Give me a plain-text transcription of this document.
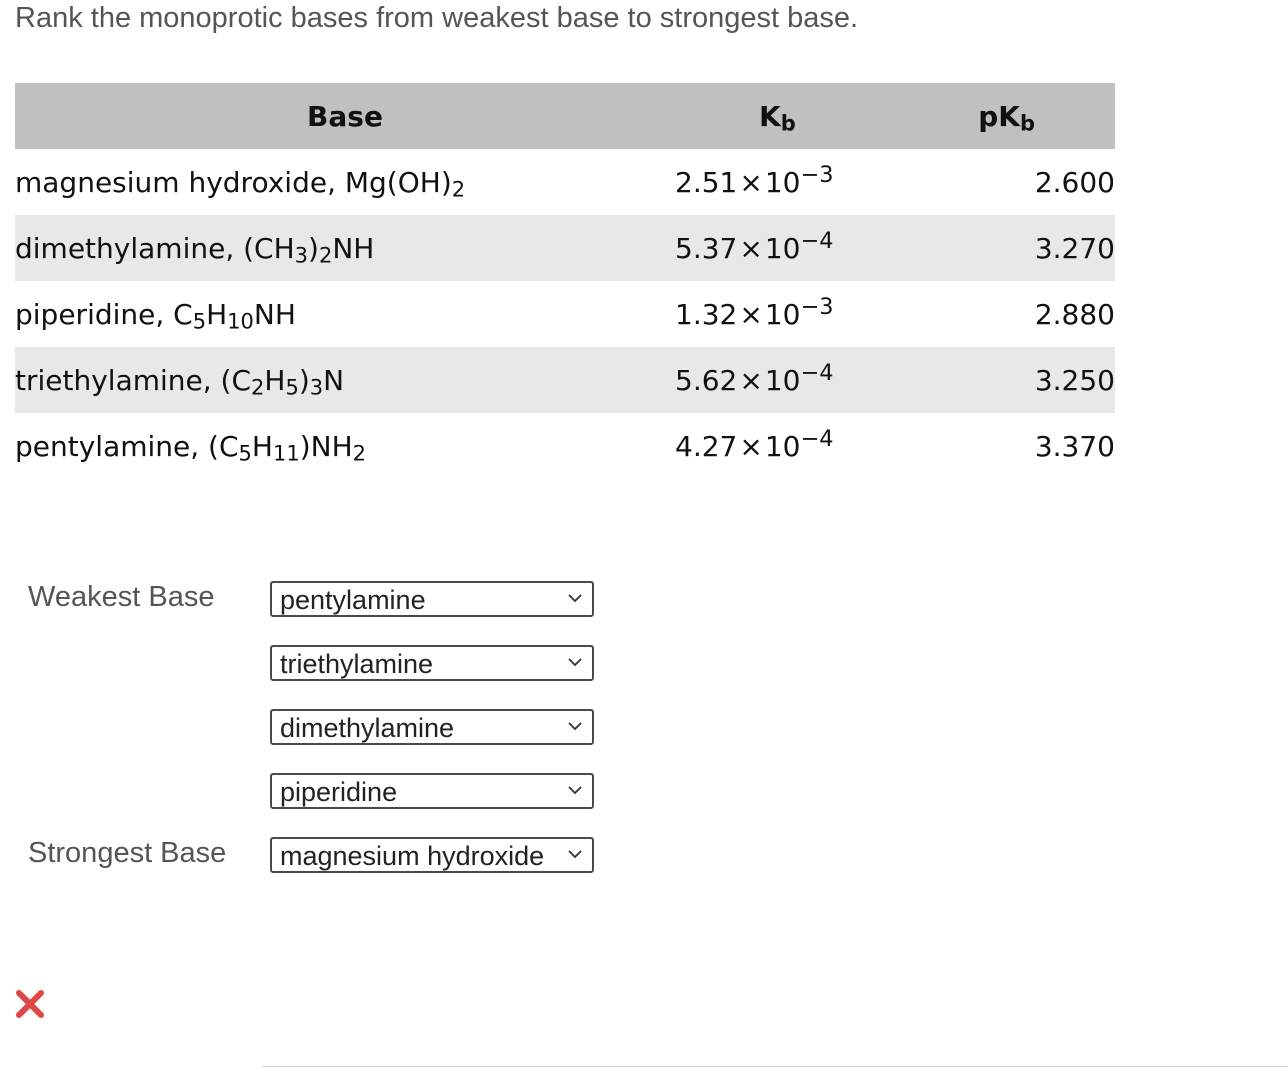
Rank the monoprotic bases from weakest base to strongest base.
Base	Kb	pKb
magnesium hydroxide, $Mg(OH)_2$	$2.51\times 10^{-3}$	2.600
dimethylamine, $(CH_3)_2NH$	$5.37\times 10^{-4}$	3.270
piperidine, $C_5H_{10}NH$	$1.32\times 10^{-3}$	2.880
triethylamine, $(C_2H_5)_3N$	$5.62\times 10^{-4}$	3.250
pentylamine, $(C_5H_{11})NH_2$	$4.27\times 10^{-4}$	3.370
Weakest Base
Strongest Base
pentylamine
triethylamine
dimethylamine
piperidine
magnesium hydroxide
